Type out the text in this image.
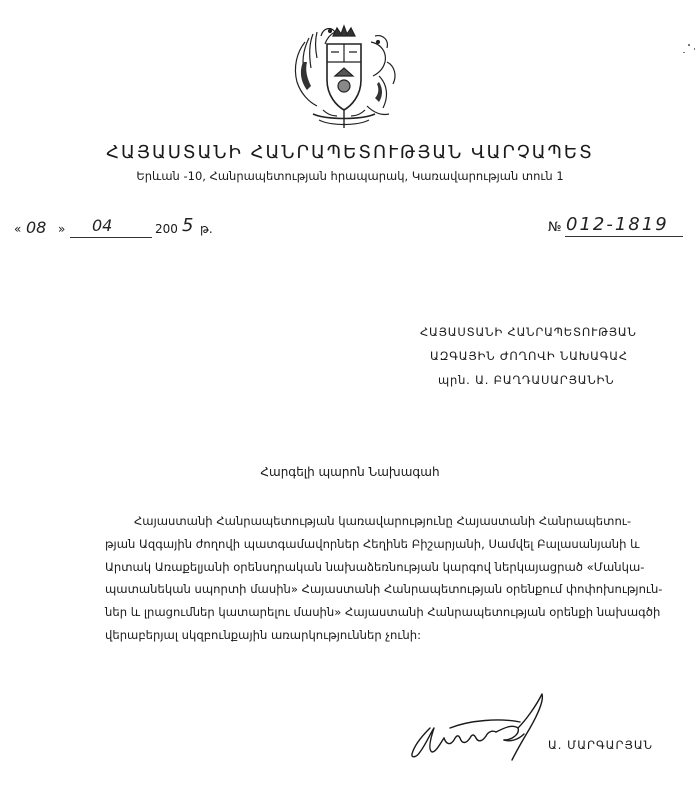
ՀԱՅԱՍՏԱՆԻ ՀԱՆՐԱՊԵՏՈՒԹՅԱՆ ՎԱՐՉԱՊԵՏ
Երևան -10, Հանրապետության հրապարակ, Կառավարության տուն 1
« 08 » 04	200 5 թ.	№ 012-1819
ՀԱՅԱՍՏԱՆԻ ՀԱՆՐԱՊԵՏՈՒԹՅԱՆ
ԱԶԳԱՅԻՆ ԺՈՂՈՎԻ ՆԱԽԱԳԱՀ
պրն. Ա. ԲԱՂԴԱՍԱՐՅԱՆԻՆ
Հարգելի պարոն Նախագահ
Հայաստանի Հանրապետության կառավարությունը Հայաստանի Հանրապետու-
թյան Ազգային ժողովի պատգամավորներ Հեղինե Բիշարյանի, Սամվել Բալասանյանի և
Արտակ Առաքելյանի օրենսդրական նախաձեռնության կարգով ներկայացրած «Մանկա-
պատանեկան սպորտի մասին» Հայաստանի Հանրապետության օրենքում փոփոխություն-
ներ և լրացումներ կատարելու մասին» Հայաստանի Հանրապետության օրենքի նախագծի
վերաբերյալ սկզբունքային առարկություններ չունի:
Ա. ՄԱՐԳԱՐՅԱՆ
